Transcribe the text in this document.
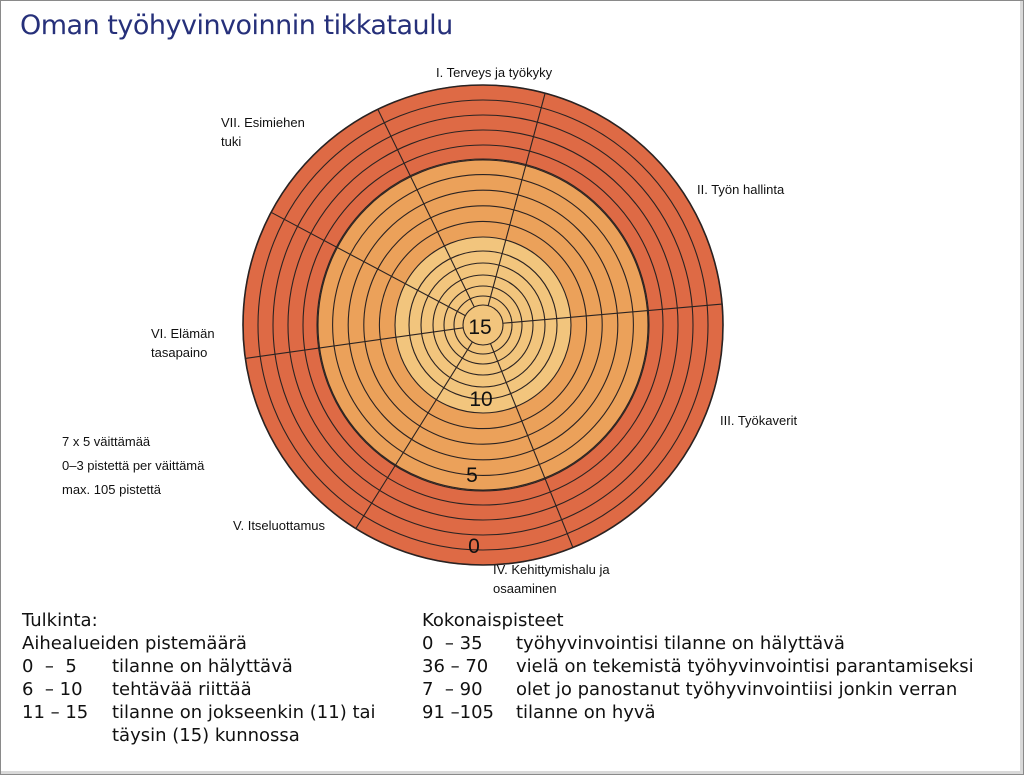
Oman työhyvinvoinnin tikkataulu
15
10
5
0
I. Terveys ja työkyky
II. Työn hallinta
III. Työkaverit
IV. Kehittymishalu ja
osaaminen
V. Itseluottamus
VI. Elämän
tasapaino
VII. Esimiehen
tuki
7 x 5 väittämää
0–3 pistettä per väittämä
max. 105 pistettä
Tulkinta:
Aihealueiden pistemäärä
0  –  5	tilanne on hälyttävä
6  – 10	tehtävää riittää
11 – 15	tilanne on jokseenkin (11) tai
täysin (15) kunnossa
Kokonaispisteet
0  – 35	työhyvinvointisi tilanne on hälyttävä
36 – 70	vielä on tekemistä työhyvinvointisi parantamiseksi
7  – 90	olet jo panostanut työhyvinvointiisi jonkin verran
91 –105	tilanne on hyvä
